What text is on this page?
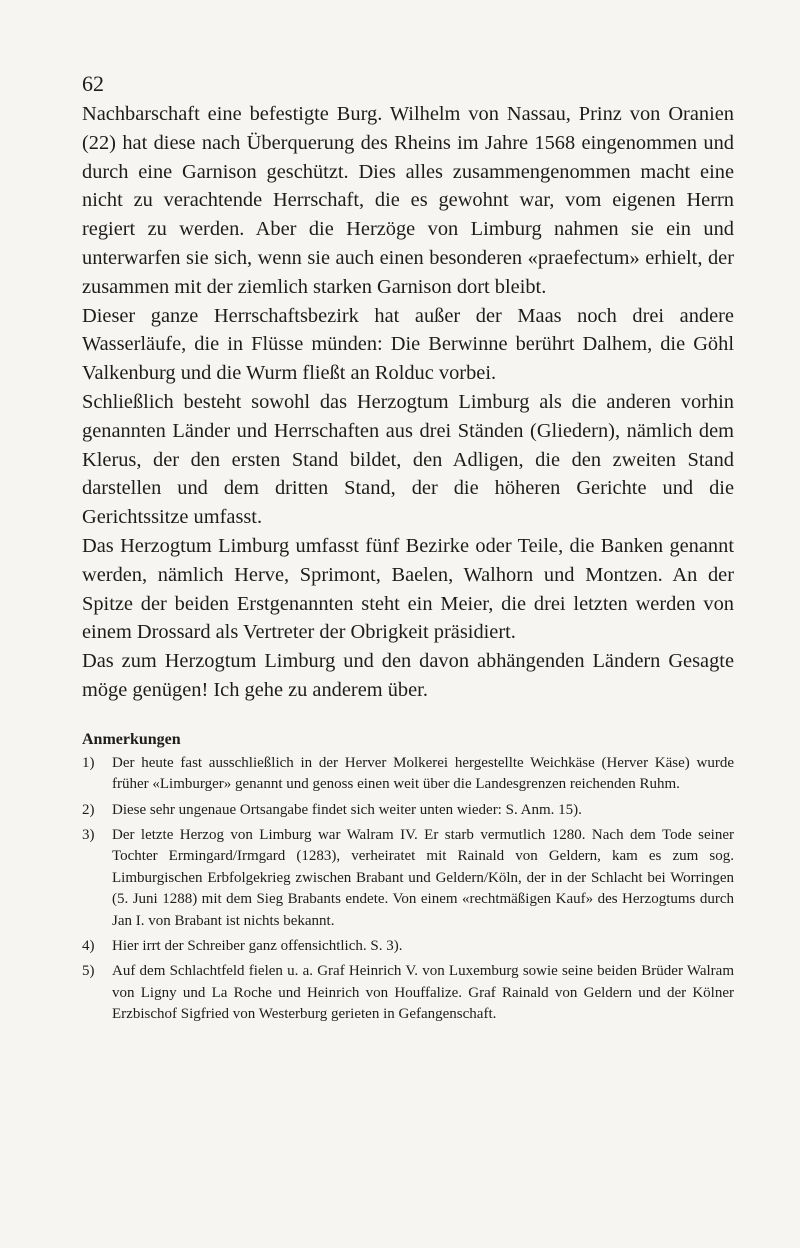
62

Nachbarschaft eine befestigte Burg. Wilhelm von Nassau, Prinz von Oranien (22) hat diese nach Überquerung des Rheins im Jahre 1568 eingenommen und durch eine Garnison geschützt. Dies alles zusammengenommen macht eine nicht zu verachtende Herrschaft, die es gewohnt war, vom eigenen Herrn regiert zu werden. Aber die Herzöge von Limburg nahmen sie ein und unterwarfen sie sich, wenn sie auch einen besonderen «praefectum» erhielt, der zusammen mit der ziemlich starken Garnison dort bleibt.

Dieser ganze Herrschaftsbezirk hat außer der Maas noch drei andere Wasserläufe, die in Flüsse münden: Die Berwinne berührt Dalhem, die Göhl Valkenburg und die Wurm fließt an Rolduc vorbei.

Schließlich besteht sowohl das Herzogtum Limburg als die anderen vorhin genannten Länder und Herrschaften aus drei Ständen (Gliedern), nämlich dem Klerus, der den ersten Stand bildet, den Adligen, die den zweiten Stand darstellen und dem dritten Stand, der die höheren Gerichte und die Gerichtssitze umfasst.

Das Herzogtum Limburg umfasst fünf Bezirke oder Teile, die Banken genannt werden, nämlich Herve, Sprimont, Baelen, Walhorn und Montzen. An der Spitze der beiden Erstgenannten steht ein Meier, die drei letzten werden von einem Drossard als Vertreter der Obrigkeit präsidiert.

Das zum Herzogtum Limburg und den davon abhängenden Ländern Gesagte möge genügen! Ich gehe zu anderem über.

Anmerkungen
1)	Der heute fast ausschließlich in der Herver Molkerei hergestellte Weichkäse (Herver Käse) wurde früher «Limburger» genannt und genoss einen weit über die Landesgrenzen reichenden Ruhm.
2)	Diese sehr ungenaue Ortsangabe findet sich weiter unten wieder: S. Anm. 15).
3)	Der letzte Herzog von Limburg war Walram IV. Er starb vermutlich 1280. Nach dem Tode seiner Tochter Ermingard/Irmgard (1283), verheiratet mit Rainald von Geldern, kam es zum sog. Limburgischen Erbfolgekrieg zwischen Brabant und Geldern/Köln, der in der Schlacht bei Worringen (5. Juni 1288) mit dem Sieg Brabants endete. Von einem «rechtmäßigen Kauf» des Herzogtums durch Jan I. von Brabant ist nichts bekannt.
4)	Hier irrt der Schreiber ganz offensichtlich. S. 3).
5)	Auf dem Schlachtfeld fielen u. a. Graf Heinrich V. von Luxemburg sowie seine beiden Brüder Walram von Ligny und La Roche und Heinrich von Houffalize. Graf Rainald von Geldern und der Kölner Erzbischof Sigfried von Westerburg gerieten in Gefangenschaft.
